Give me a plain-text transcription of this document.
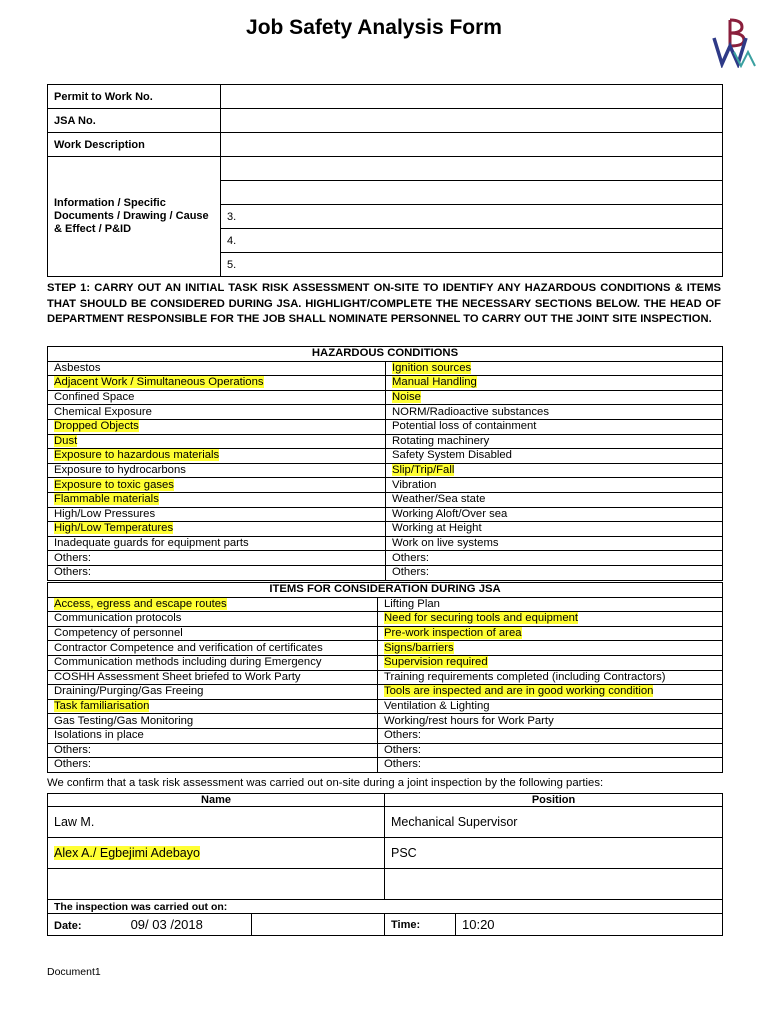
Job Safety Analysis Form
Permit to Work No.	
JSA No.	
Work Description	
Information / Specific Documents / Drawing / Cause & Effect / P&ID	

	3.
	4.
	5.
STEP 1: CARRY OUT AN INITIAL TASK RISK ASSESSMENT ON-SITE TO IDENTIFY ANY HAZARDOUS CONDITIONS & ITEMS THAT SHOULD BE CONSIDERED DURING JSA. HIGHLIGHT/COMPLETE THE NECESSARY SECTIONS BELOW. THE HEAD OF DEPARTMENT RESPONSIBLE FOR THE JOB SHALL NOMINATE PERSONNEL TO CARRY OUT THE JOINT SITE INSPECTION.
HAZARDOUS CONDITIONS	
Asbestos	Ignition sources
Adjacent Work / Simultaneous Operations	Manual Handling
Confined Space	Noise
Chemical Exposure	NORM/Radioactive substances
Dropped Objects	Potential loss of containment
Dust	Rotating machinery
Exposure to hazardous materials	Safety System Disabled
Exposure to hydrocarbons	Slip/Trip/Fall
Exposure to toxic gases	Vibration
Flammable materials	Weather/Sea state
High/Low Pressures	Working Aloft/Over sea
High/Low Temperatures	Working at Height
Inadequate guards for equipment parts	Work on live systems
Others:	Others:
Others:	Others:
ITEMS FOR CONSIDERATION DURING JSA	
Access, egress and escape routes	Lifting Plan
Communication protocols	Need for securing tools and equipment
Competency of personnel	Pre-work inspection of area
Contractor Competence and verification of certificates	Signs/barriers
Communication methods including during Emergency	Supervision required
COSHH Assessment Sheet briefed to Work Party	Training requirements completed (including Contractors)
Draining/Purging/Gas Freeing	Tools are inspected and are in good working condition
Task familiarisation	Ventilation & Lighting
Gas Testing/Gas Monitoring	Working/rest hours for Work Party
Isolations in place	Others:
Others:	Others:
Others:	Others:
We confirm that a task risk assessment was carried out on-site during a joint inspection by the following parties:
Name		Position	
Law M.		Mechanical Supervisor	
Alex A./ Egbejimi Adebayo		PSC	

The inspection was carried out on:			
Date: 09/ 03 /2018		Time:	10:20
Document1
